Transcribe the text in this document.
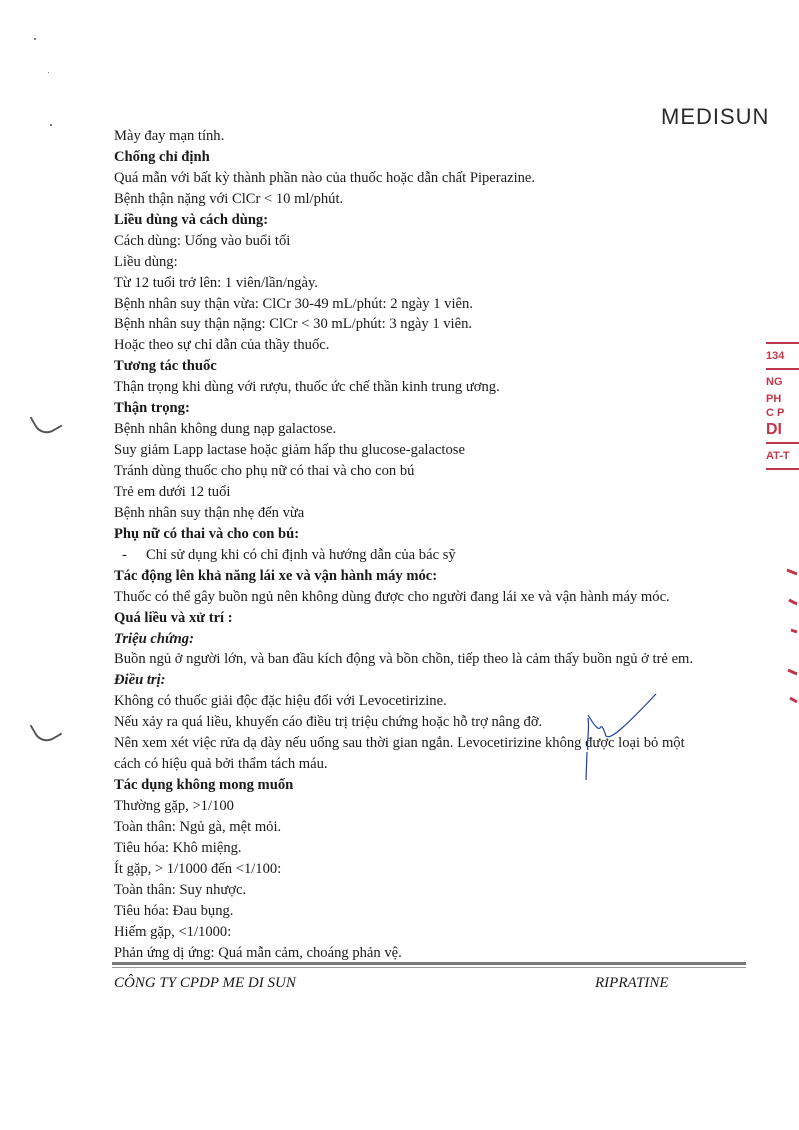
MEDISUN
Mày đay mạn tính.
Chống chỉ định
Quá mẫn với bất kỳ thành phần nào của thuốc hoặc dẫn chất Piperazine.
Bệnh thận nặng với ClCr < 10 ml/phút.
Liều dùng và cách dùng:
Cách dùng: Uống vào buổi tối
Liều dùng:
Từ 12 tuổi trở lên: 1 viên/lần/ngày.
Bệnh nhân suy thận vừa: ClCr 30-49 mL/phút: 2 ngày 1 viên.
Bệnh nhân suy thận nặng: ClCr < 30 mL/phút: 3 ngày 1 viên.
Hoặc theo sự chỉ dẫn của thầy thuốc.
Tương tác thuốc
Thận trọng khi dùng với rượu, thuốc ức chế thần kinh trung ương.
Thận trọng:
Bệnh nhân không dung nạp galactose.
Suy giảm Lapp lactase hoặc giảm hấp thu glucose-galactose
Tránh dùng thuốc cho phụ nữ có thai và cho con bú
Trẻ em dưới 12 tuổi
Bệnh nhân suy thận nhẹ đến vừa
Phụ nữ có thai và cho con bú:
- Chỉ sử dụng khi có chỉ định và hướng dẫn của bác sỹ
Tác động lên khả năng lái xe và vận hành máy móc:
Thuốc có thể gây buồn ngủ nên không dùng được cho người đang lái xe và vận hành máy móc.
Quá liều và xử trí :
Triệu chứng:
Buồn ngủ ở người lớn, và ban đầu kích động và bồn chồn, tiếp theo là cảm thấy buồn ngủ ở trẻ em.
Điều trị:
Không có thuốc giải độc đặc hiệu đối với Levocetirizine.
Nếu xảy ra quá liều, khuyến cáo điều trị triệu chứng hoặc hỗ trợ nâng đỡ.
Nên xem xét việc rửa dạ dày nếu uống sau thời gian ngắn. Levocetirizine không được loại bỏ một
cách có hiệu quả bởi thẩm tách máu.
Tác dụng không mong muốn
Thường gặp, >1/100
Toàn thân: Ngủ gà, mệt mỏi.
Tiêu hóa: Khô miệng.
Ít gặp, > 1/1000 đến <1/100:
Toàn thân: Suy nhược.
Tiêu hóa: Đau bụng.
Hiếm gặp, <1/1000:
Phản ứng dị ứng: Quá mẫn cảm, choáng phản vệ.
134
NG
PH
C P
DI
AT-T
CÔNG TY CPDP ME DI SUN	RIPRATINE
